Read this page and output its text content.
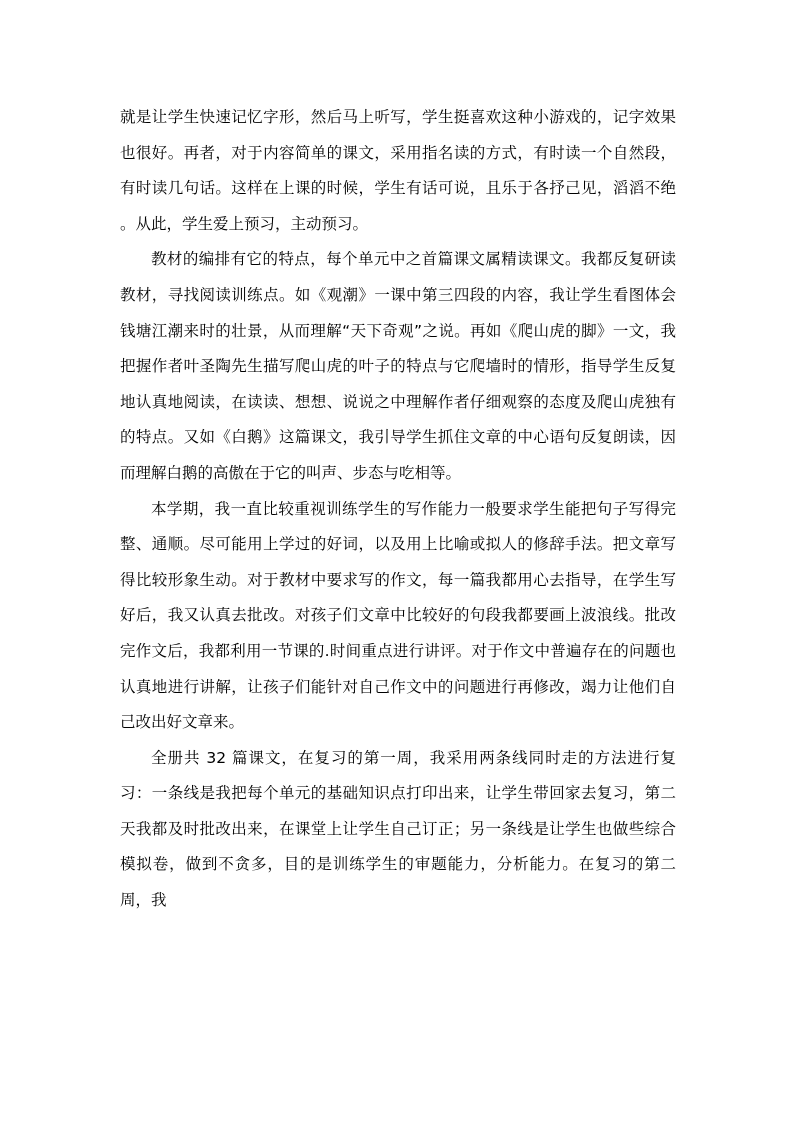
就是让学生快速记忆字形，然后马上听写，学生挺喜欢这种小游戏的，记字效果也很好。再者，对于内容简单的课文，采用指名读的方式，有时读一个自然段，有时读几句话。这样在上课的时候，学生有话可说，且乐于各抒己见，滔滔不绝 。从此，学生爱上预习，主动预习。

教材的编排有它的特点，每个单元中之首篇课文属精读课文。我都反复研读教材，寻找阅读训练点。如《观潮》一课中第三四段的内容，我让学生看图体会钱塘江潮来时的壮景，从而理解“天下奇观”之说。再如《爬山虎的脚》一文，我把握作者叶圣陶先生描写爬山虎的叶子的特点与它爬墙时的情形，指导学生反复地认真地阅读，在读读、想想、说说之中理解作者仔细观察的态度及爬山虎独有的特点。又如《白鹅》这篇课文，我引导学生抓住文章的中心语句反复朗读，因而理解白鹅的高傲在于它的叫声、步态与吃相等。

本学期，我一直比较重视训练学生的写作能力一般要求学生能把句子写得完整、通顺。尽可能用上学过的好词，以及用上比喻或拟人的修辞手法。把文章写得比较形象生动。对于教材中要求写的作文，每一篇我都用心去指导，在学生写好后，我又认真去批改。对孩子们文章中比较好的句段我都要画上波浪线。批改完作文后，我都利用一节课的.时间重点进行讲评。对于作文中普遍存在的问题也认真地进行讲解，让孩子们能针对自己作文中的问题进行再修改，竭力让他们自己改出好文章来。

全册共 32 篇课文，在复习的第一周，我采用两条线同时走的方法进行复习：一条线是我把每个单元的基础知识点打印出来，让学生带回家去复习，第二天我都及时批改出来，在课堂上让学生自己订正；另一条线是让学生也做些综合模拟卷，做到不贪多，目的是训练学生的审题能力，分析能力。在复习的第二周，我
